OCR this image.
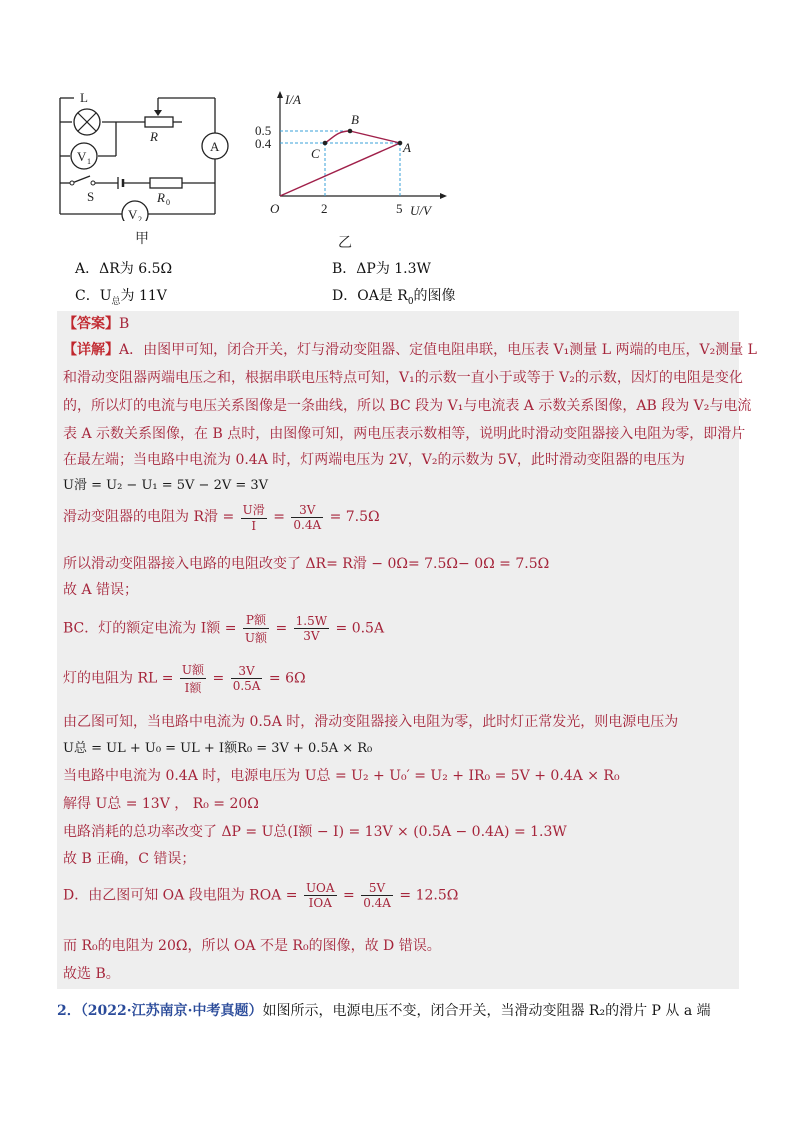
L
R
A
V 1
S	R 0
V 2
甲
I/A
U/V
O
0.5
0.4
2	5
B
C	A
乙
A．ΔR为 6.5Ω	B．ΔP为 1.3W
C．$U_总$为 11V	D．OA是 $R_0$的图像
【答案】B
【详解】A．由图甲可知，闭合开关，灯与滑动变阻器、定值电阻串联，电压表 V₁测量 L 两端的电压，V₂测量 L
和滑动变阻器两端电压之和，根据串联电压特点可知，V₁的示数一直小于或等于 V₂的示数，因灯的电阻是变化
的，所以灯的电流与电压关系图像是一条曲线，所以 BC 段为 V₁与电流表 A 示数关系图像，AB 段为 V₂与电流
表 A 示数关系图像，在 B 点时，由图像可知，两电压表示数相等，说明此时滑动变阻器接入电阻为零，即滑片
在最左端；当电路中电流为 0.4A 时，灯两端电压为 2V，V₂的示数为 5V，此时滑动变阻器的电压为
U滑 = U₂ − U₁ = 5V − 2V = 3V
滑动变阻器的电阻为 R滑 = $\frac{\text{U滑}}{I} = \frac{3V}{0.4A} = 7.5\Omega$
所以滑动变阻器接入电路的电阻改变了 ΔR= R滑 − 0Ω= 7.5Ω− 0Ω = 7.5Ω
故 A 错误；
BC．灯的额定电流为 I额 = $\frac{\text{P额}}{\text{U额}} = \frac{1.5W}{3V} = 0.5A$
灯的电阻为 RL = $\frac{\text{U额}}{\text{I额}} = \frac{3V}{0.5A} = 6\Omega$
由乙图可知，当电路中电流为 0.5A 时，滑动变阻器接入电阻为零，此时灯正常发光，则电源电压为
U总 = UL + U₀ = UL + I额R₀ = 3V + 0.5A × R₀
当电路中电流为 0.4A 时，电源电压为 U总 = U₂ + U₀′ = U₂ + IR₀ = 5V + 0.4A × R₀
解得 U总 = 13V ， R₀ = 20Ω
电路消耗的总功率改变了 ΔP = U总(I额 − I) = 13V × (0.5A − 0.4A) = 1.3W
故 B 正确，C 错误；
D．由乙图可知 OA 段电阻为 ROA = $\frac{\text{UOA}}{\text{IOA}} = \frac{5V}{0.4A} = 12.5\Omega$
而 R₀的电阻为 20Ω，所以 OA 不是 R₀的图像，故 D 错误。
故选 B。
2．（2022·江苏南京·中考真题）如图所示，电源电压不变，闭合开关，当滑动变阻器 R₂的滑片 P 从 a 端
